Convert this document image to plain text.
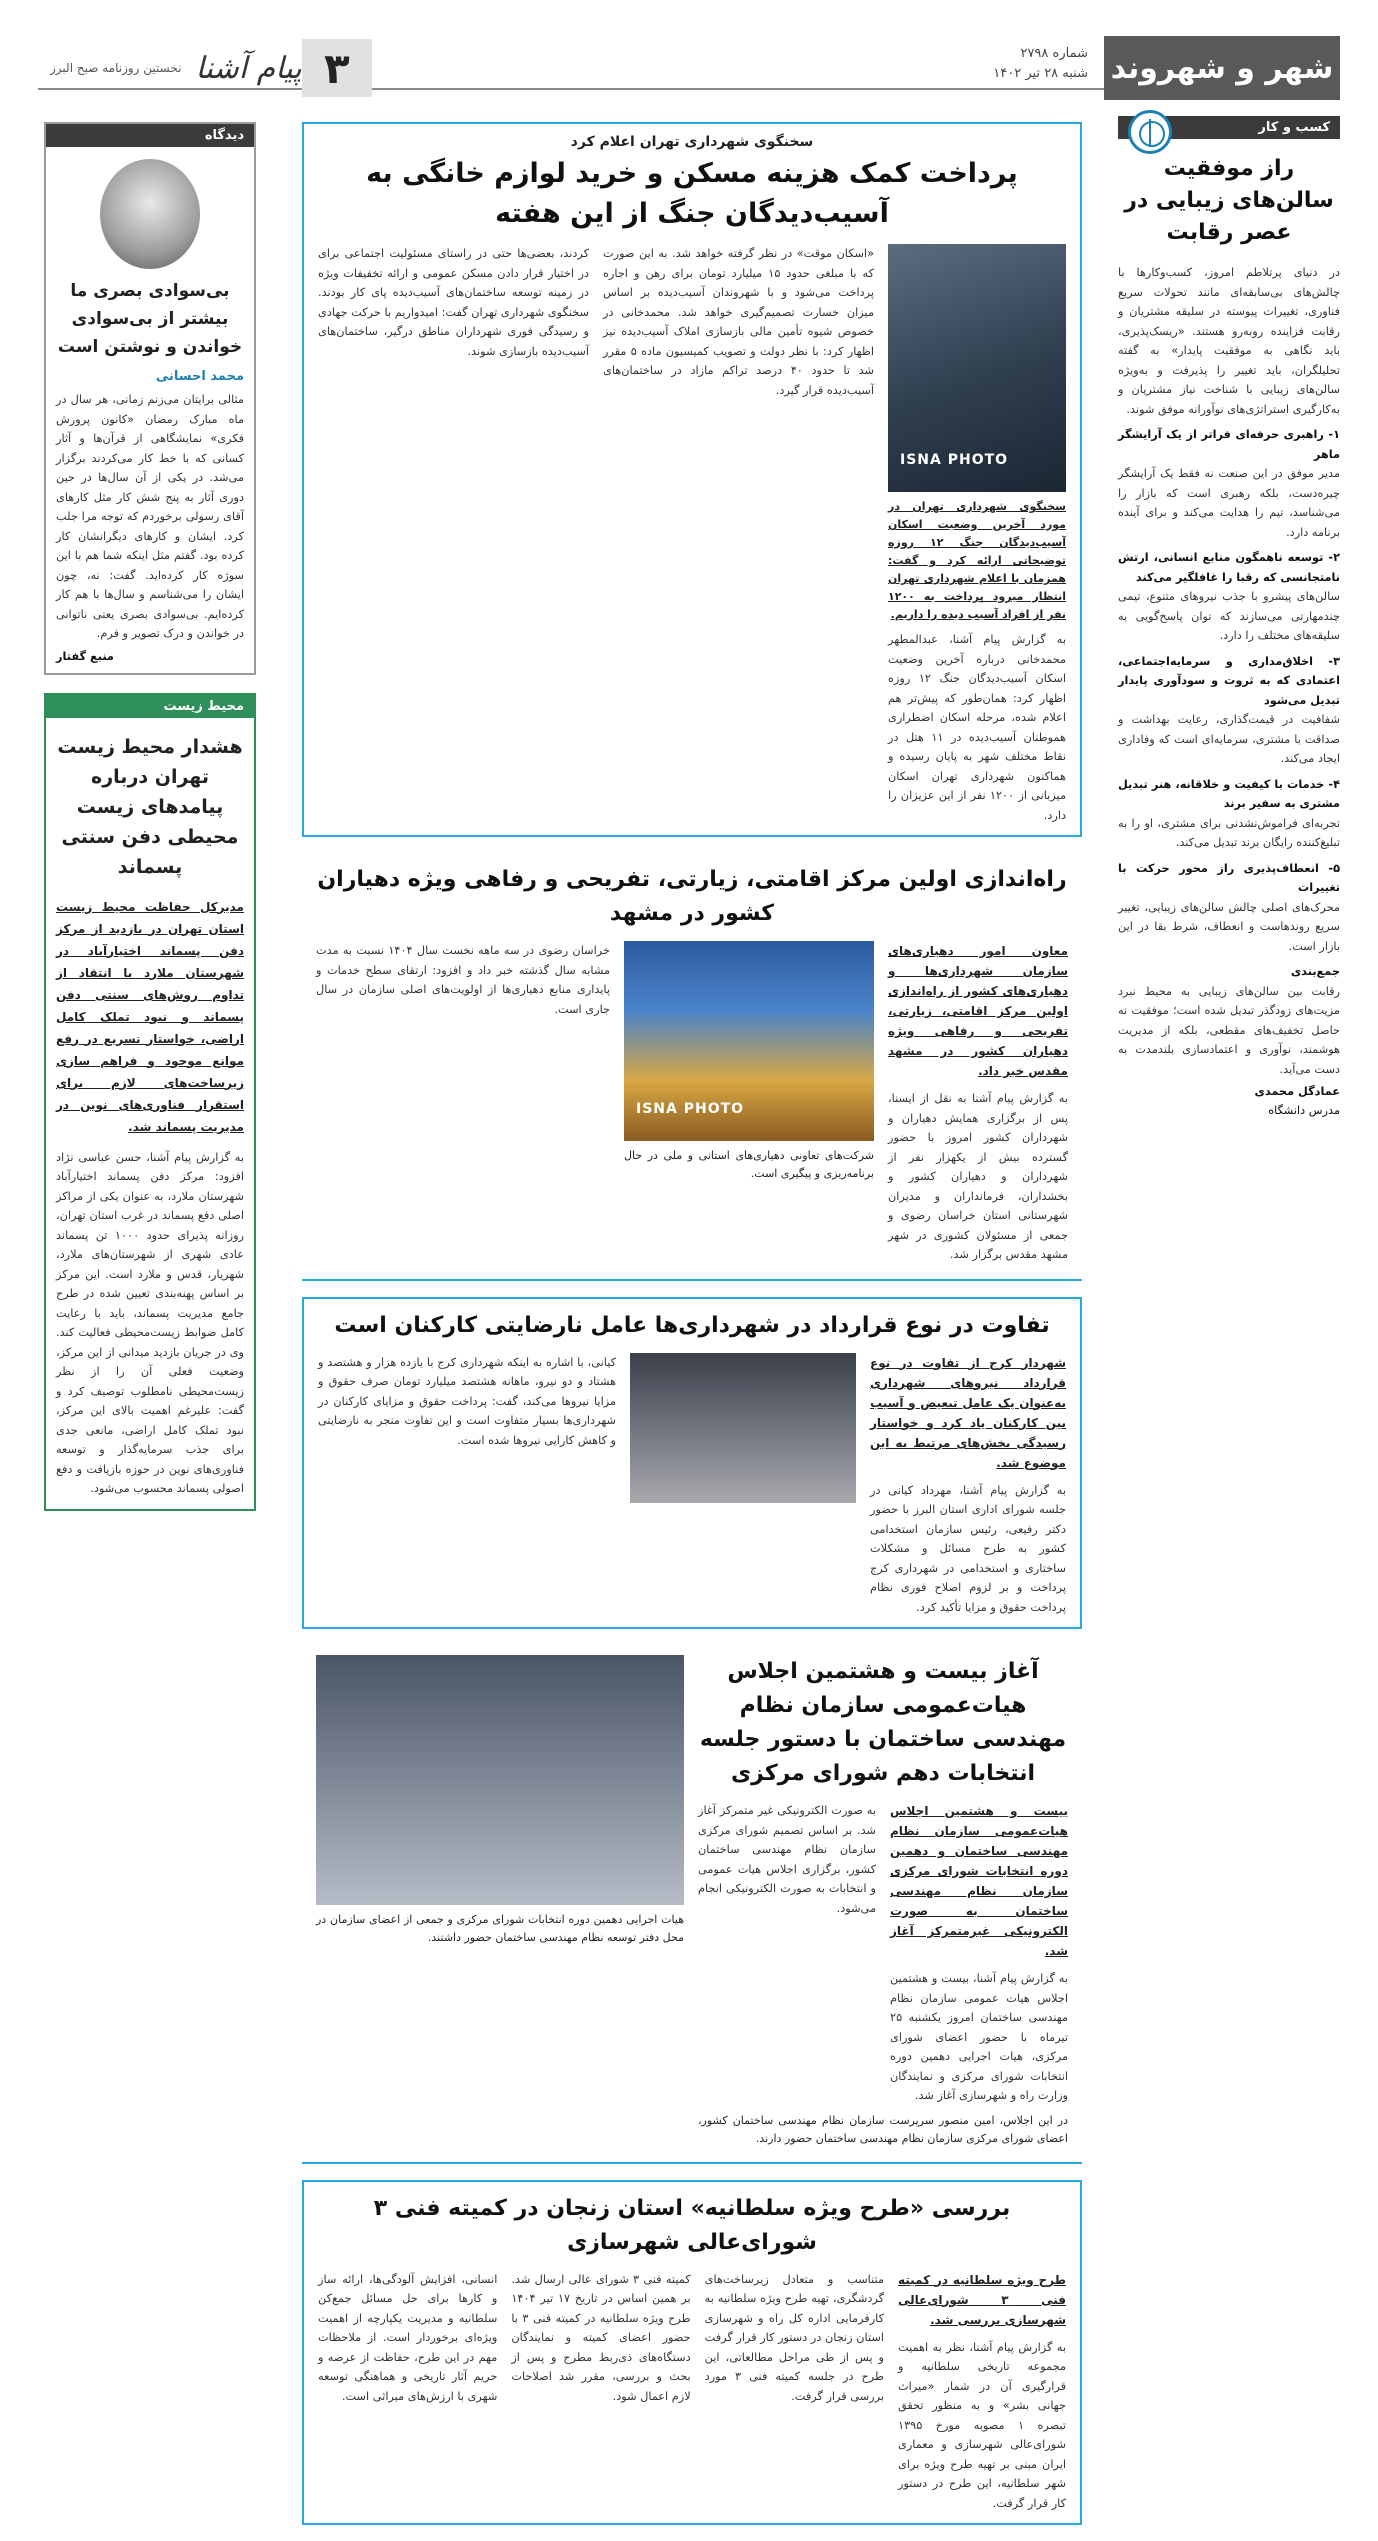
شهر و شهروند
شماره ۲۷۹۸
شنبه ۲۸ تیر ۱۴۰۲
۳
پیام آشنا
نخستین روزنامه صبح البرز
کسب و کار
راز موفقیت سالن‌های زیبایی در عصر رقابت

در دنیای پرتلاطم امروز، کسب‌وکارها با چالش‌های بی‌سابقه‌ای مانند تحولات سریع فناوری، تغییرات پیوسته در سلیقه مشتریان و رقابت فزاینده روبه‌رو هستند. «ریسک‌پذیری، باید نگاهی به موفقیت پایدار» به گفته تحلیلگران، باید تغییر را پذیرفت و به‌ویژه سالن‌های زیبایی با شناخت نیاز مشتریان و به‌کارگیری استراتژی‌های نوآورانه موفق شوند.

۱- راهبری حرفه‌ای فراتر از یک آرایشگر ماهر

مدیر موفق در این صنعت نه فقط یک آرایشگر چیره‌دست، بلکه رهبری است که بازار را می‌شناسد، تیم را هدایت می‌کند و برای آینده برنامه دارد.

۲- توسعه ناهمگون منابع انسانی، ارتش نامتجانسی که رقبا را غافلگیر می‌کند

سالن‌های پیشرو با جذب نیروهای متنوع، تیمی چندمهارتی می‌سازند که توان پاسخ‌گویی به سلیقه‌های مختلف را دارد.

۳- اخلاق‌مداری و سرمایه‌اجتماعی، اعتمادی که به ثروت و سودآوری پایدار تبدیل می‌شود

شفافیت در قیمت‌گذاری، رعایت بهداشت و صداقت با مشتری، سرمایه‌ای است که وفاداری ایجاد می‌کند.

۴- خدمات با کیفیت و خلاقانه، هنر تبدیل مشتری به سفیر برند

تجربه‌ای فراموش‌نشدنی برای مشتری، او را به تبلیغ‌کننده رایگان برند تبدیل می‌کند.

۵- انعطاف‌پذیری راز محور حرکت با تغییرات

محرک‌های اصلی چالش سالن‌های زیبایی، تغییر سریع روندهاست و انعطاف، شرط بقا در این بازار است.

جمع‌بندی

رقابت بین سالن‌های زیبایی به محیط نبرد مزیت‌های زودگذر تبدیل شده است؛ موفقیت نه حاصل تخفیف‌های مقطعی، بلکه از مدیریت هوشمند، نوآوری و اعتمادسازی بلندمدت به دست می‌آید.

عمادگل محمدی
مدرس دانشگاه
دیدگاه
بی‌سوادی بصری ما بیشتر از بی‌سوادی خواندن و نوشتن است
محمد احسانی

مثالی برایتان می‌زنم زمانی، هر سال در ماه مبارک رمضان «کانون پرورش فکری» نمایشگاهی از قرآن‌ها و آثار کسانی که با خط کار می‌کردند برگزار می‌شد. در یکی از آن سال‌ها در حین دوری آثار به پنج شش کار مثل کارهای آقای رسولی برخوردم که توجه مرا جلب کرد. ایشان و کارهای دیگرانشان کار کرده بود. گفتم مثل اینکه شما هم با این سوژه کار کرده‌اید. گفت: نه، چون ایشان را می‌شناسم و سال‌ها با هم کار کرده‌ایم. بی‌سوادی بصری یعنی ناتوانی در خواندن و درک تصویر و فرم.

منبع گفتار
محیط زیست
هشدار محیط زیست تهران درباره پیامدهای زیست محیطی دفن سنتی پسماند

مدیرکل حفاظت محیط زیست استان تهران در بازدید از مرکز دفن پسماند اختیارآباد در شهرستان ملارد با انتقاد از تداوم روش‌های سنتی دفن پسماند و نبود تملک کامل اراضی، خواستار تسریع در رفع موانع موجود و فراهم سازی زیرساخت‌های لازم برای استقرار فناوری‌های نوین در مدیریت پسماند شد.

به گزارش پیام آشنا، حسن عباسی نژاد افزود: مرکز دفن پسماند اختیارآباد شهرستان ملارد، به عنوان یکی از مراکز اصلی دفع پسماند در غرب استان تهران، روزانه پذیرای حدود ۱۰۰۰ تن پسماند عادی شهری از شهرستان‌های ملارد، شهریار، قدس و ملارد است. این مرکز بر اساس پهنه‌بندی تعیین شده در طرح جامع مدیریت پسماند، باید با رعایت کامل ضوابط زیست‌محیطی فعالیت کند. وی در جریان بازدید میدانی از این مرکز، وضعیت فعلی آن را از نظر زیست‌محیطی نامطلوب توصیف کرد و گفت: علیرغم اهمیت بالای این مرکز، نبود تملک کامل اراضی، مانعی جدی برای جذب سرمایه‌گذار و توسعه فناوری‌های نوین در حوزه بازیافت و دفع اصولی پسماند محسوب می‌شود.

سخنگوی شهرداری تهران اعلام کرد
پرداخت کمک هزینه مسکن و خرید لوازم خانگی به آسیب‌دیدگان جنگ از این هفته
ISNA PHOTO

سخنگوی شهرداری تهران در مورد آخرین وضعیت اسکان آسیب‌دیدگان جنگ ۱۲ روزه توضیحاتی ارائه کرد و گفت: همزمان با اعلام شهرداری تهران انتظار میرود پرداخت به ۱۲۰۰ نفر از افراد آسیب دیده را داریم.

به گزارش پیام آشنا، عبدالمطهر محمدخانی درباره آخرین وضعیت اسکان آسیب‌دیدگان جنگ ۱۲ روزه اظهار کرد: همان‌طور که پیش‌تر هم اعلام شده، مرحله اسکان اضطراری هموطنان آسیب‌دیده در ۱۱ هتل در نقاط مختلف شهر به پایان رسیده و هماکنون شهرداری تهران اسکان میزبانی از ۱۲۰۰ نفر از این عزیزان را دارد.

«اسکان موقت» در نظر گرفته خواهد شد. به این صورت که با مبلغی حدود ۱۵ میلیارد تومان برای رهن و اجاره پرداخت می‌شود و با شهروندان آسیب‌دیده بر اساس میزان خسارت تصمیم‌گیری خواهد شد. محمدخانی در خصوص شیوه تأمین مالی بازسازی املاک آسیب‌دیده نیز اظهار کرد: با نظر دولت و تصویب کمیسیون ماده ۵ مقرر شد تا حدود ۴۰ درصد تراکم مازاد در ساختمان‌های آسیب‌دیده قرار گیرد.
کردند، بعضی‌ها حتی در راستای مسئولیت اجتماعی برای در اختیار قرار دادن مسکن عمومی و ارائه تخفیفات ویژه در زمینه توسعه ساختمان‌های آسیب‌دیده پای کار بودند. سخنگوی شهرداری تهران گفت: امیدواریم با حرکت جهادی و رسیدگی فوری شهرداران مناطق درگیر، ساختمان‌های آسیب‌دیده بازسازی شوند.
راه‌اندازی اولین مرکز اقامتی، زیارتی، تفریحی و رفاهی ویژه دهیاران کشور در مشهد

معاون امور دهیاری‌های سازمان شهرداری‌ها و دهیاری‌های کشور از راه‌اندازی اولین مرکز اقامتی، زیارتی، تفریحی و رفاهی ویژه دهیاران کشور در مشهد مقدس خبر داد.

به گزارش پیام آشنا به نقل از ایسنا، پس از برگزاری همایش دهیاران و شهرداران کشور امروز با حضور گسترده بیش از یکهزار نفر از شهرداران و دهیاران کشور و بخشداران، فرمانداران و مدیران شهرستانی استان خراسان رضوی و جمعی از مسئولان کشوری در شهر مشهد مقدس برگزار شد.

ISNA PHOTO

شرکت‌های تعاونی دهیاری‌های استانی و ملی در حال برنامه‌ریزی و پیگیری است.

خراسان رضوی در سه ماهه نخست سال ۱۴۰۴ نسبت به مدت مشابه سال گذشته خبر داد و افزود: ارتقای سطح خدمات و پایداری منابع دهیاری‌ها از اولویت‌های اصلی سازمان در سال جاری است.
تفاوت در نوع قرارداد در شهرداری‌ها عامل نارضایتی کارکنان است

شهردار کرج از تفاوت در نوع قرارداد نیروهای شهرداری به‌عنوان یک عامل تبعیض و آسیب بین کارکنان یاد کرد و خواستار رسیدگی بخش‌های مرتبط به این موضوع شد.

به گزارش پیام آشنا، مهرداد کیانی در جلسه شورای اداری استان البرز با حضور دکتر رفیعی، رئیس سازمان استخدامی کشور به طرح مسائل و مشکلات ساختاری و استخدامی در شهرداری کرج پرداخت و بر لزوم اصلاح فوری نظام پرداخت حقوق و مزایا تأکید کرد.

کیانی، با اشاره به اینکه شهرداری کرج با یازده هزار و هشتصد و هشتاد و دو نیرو، ماهانه هشتصد میلیارد تومان صرف حقوق و مزایا نیروها می‌کند، گفت: پرداخت حقوق و مزایای کارکنان در شهرداری‌ها بسیار متفاوت است و این تفاوت منجر به نارضایتی و کاهش کارایی نیروها شده است.
آغاز بیست و هشتمین اجلاس هیات‌عمومی سازمان نظام مهندسی ساختمان با دستور جلسه انتخابات دهم شورای مرکزی

بیست و هشتمین اجلاس هیات‌عمومی سازمان نظام مهندسی ساختمان و دهمین دوره انتخابات شورای مرکزی سازمان نظام مهندسی ساختمان به صورت الکترونیکی غیرمتمرکز آغاز شد.

به گزارش پیام آشنا، بیست و هشتمین اجلاس هیات عمومی سازمان نظام مهندسی ساختمان امروز یکشنبه ۲۵ تیرماه با حضور اعضای شورای مرکزی، هیات اجرایی دهمین دوره انتخابات شورای مرکزی و نمایندگان وزارت راه و شهرسازی آغاز شد.

به صورت الکترونیکی غیر متمرکز آغاز شد. بر اساس تصمیم شورای مرکزی سازمان نظام مهندسی ساختمان کشور، برگزاری اجلاس هیات عمومی و انتخابات به صورت الکترونیکی انجام می‌شود.

در این اجلاس، امین منصور سرپرست سازمان نظام مهندسی ساختمان کشور، اعضای شورای مرکزی سازمان نظام مهندسی ساختمان حضور دارند.

هیات اجرایی دهمین دوره انتخابات شورای مرکزی و جمعی از اعضای سازمان در محل دفتر توسعه نظام مهندسی ساختمان حضور داشتند.

بررسی «طرح ویژه سلطانیه» استان زنجان در کمیته فنی ۳ شورای‌عالی شهرسازی

طرح ویژه سلطانیه در کمیته فنی ۳ شورای‌عالی شهرسازی بررسی شد.

به گزارش پیام آشنا، نظر به اهمیت مجموعه تاریخی سلطانیه و قرارگیری آن در شمار «میراث جهانی بشر» و به منظور تحقق تبصره ۱ مصوبه مورخ ۱۳۹۵ شورای‌عالی شهرسازی و معماری ایران مبنی بر تهیه طرح ویژه برای شهر سلطانیه، این طرح در دستور کار قرار گرفت.

متناسب و متعادل زیرساخت‌های گردشگری، تهیه طرح ویژه سلطانیه به کارفرمایی اداره کل راه و شهرسازی استان زنجان در دستور کار قرار گرفت و پس از طی مراحل مطالعاتی، این طرح در جلسه کمیته فنی ۳ مورد بررسی قرار گرفت.
کمیته فنی ۳ شورای عالی ارسال شد. بر همین اساس در تاریخ ۱۷ تیر ۱۴۰۴ طرح ویژه سلطانیه در کمیته فنی ۳ با حضور اعضای کمیته و نمایندگان دستگاه‌های ذی‌ربط مطرح و پس از بحث و بررسی، مقرر شد اصلاحات لازم اعمال شود.
انسانی، افزایش آلودگی‌ها، ارائه ساز و کارها برای حل مسائل جمع‌کن سلطانیه و مدیریت یکپارچه از اهمیت ویژه‌ای برخوردار است. از ملاحظات مهم در این طرح، حفاظت از عرصه و حریم آثار تاریخی و هماهنگی توسعه شهری با ارزش‌های میراثی است.
